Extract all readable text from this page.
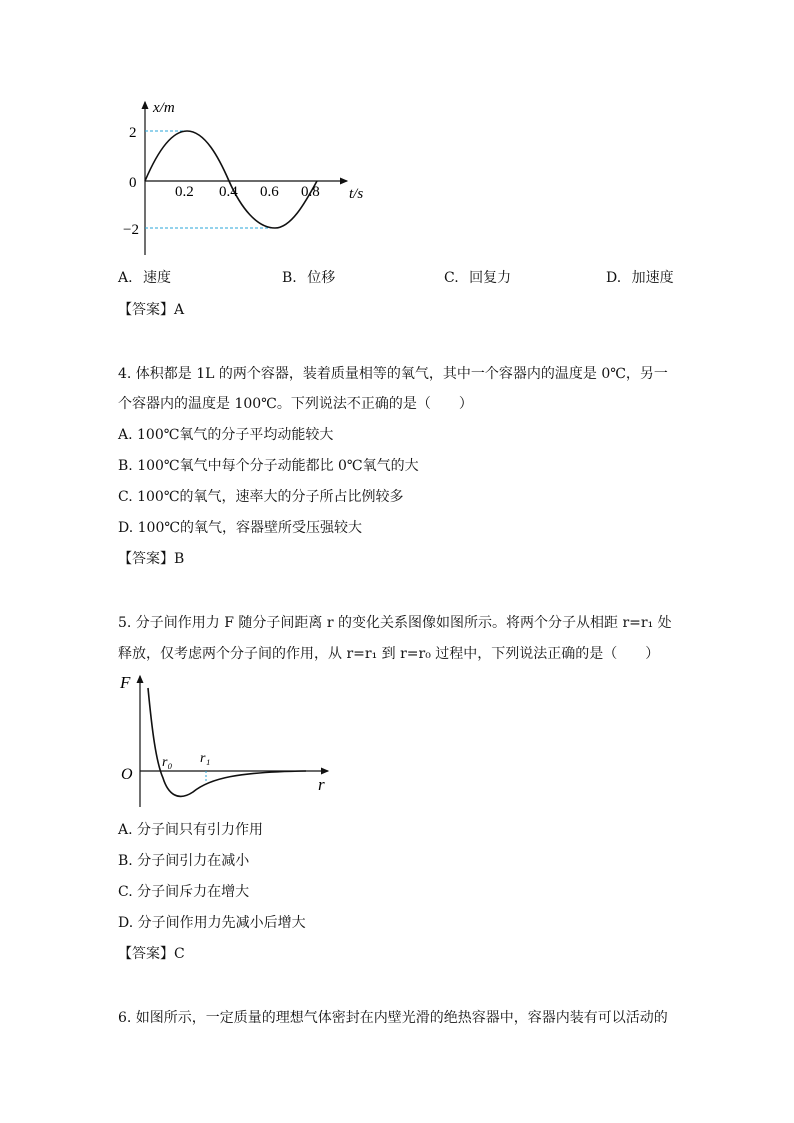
x/m
t/s
2
0
−2
0.2 0.4 0.6 0.8
A. 速度	B. 位移	C. 回复力	D. 加速度
【答案】A
4. 体积都是 1L 的两个容器，装着质量相等的氧气，其中一个容器内的温度是 0℃，另一
个容器内的温度是 100℃。下列说法不正确的是（　　）
A. 100℃氧气的分子平均动能较大
B. 100℃氧气中每个分子动能都比 0℃氧气的大
C. 100℃的氧气，速率大的分子所占比例较多
D. 100℃的氧气，容器壁所受压强较大
【答案】B
5. 分子间作用力 F 随分子间距离 r 的变化关系图像如图所示。将两个分子从相距 r=r₁ 处
释放，仅考虑两个分子间的作用，从 r=r₁ 到 r=r₀ 过程中，下列说法正确的是（　　）
F
r
O
r₀ r₁
A. 分子间只有引力作用
B. 分子间引力在减小
C. 分子间斥力在增大
D. 分子间作用力先减小后增大
【答案】C
6. 如图所示，一定质量的理想气体密封在内壁光滑的绝热容器中，容器内装有可以活动的
